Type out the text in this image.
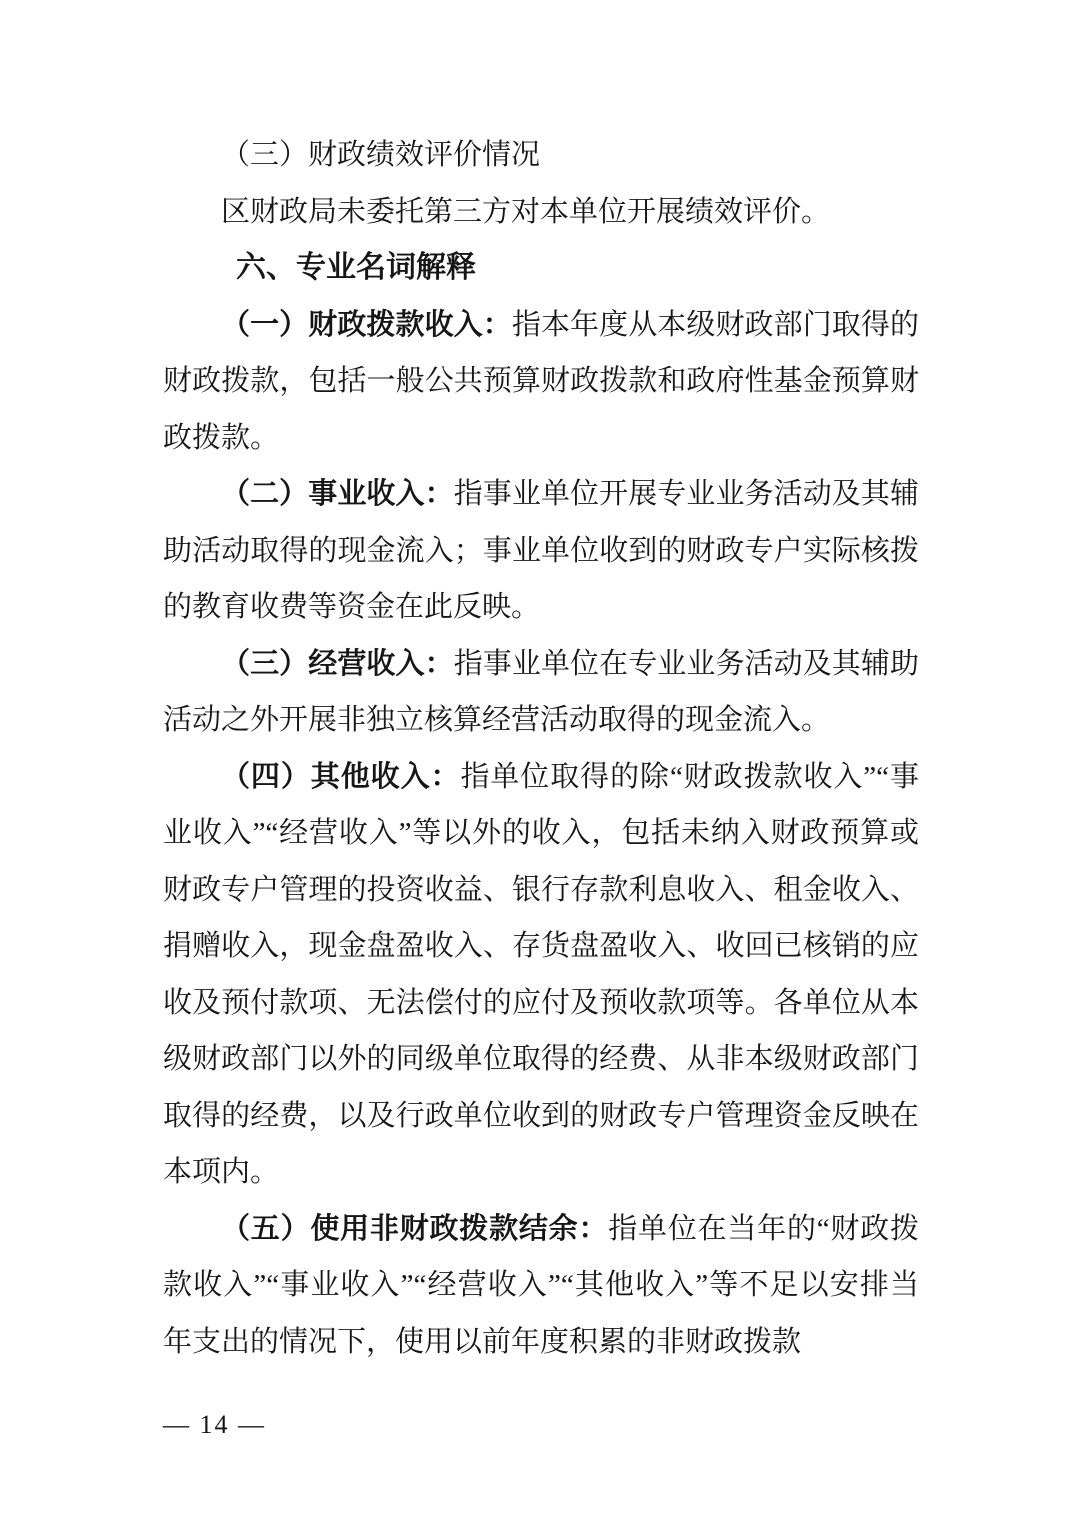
（三）财政绩效评价情况

区财政局未委托第三方对本单位开展绩效评价。

六、专业名词解释

（一）财政拨款收入：指本年度从本级财政部门取得的财政拨款，包括一般公共预算财政拨款和政府性基金预算财政拨款。

（二）事业收入：指事业单位开展专业业务活动及其辅助活动取得的现金流入；事业单位收到的财政专户实际核拨的教育收费等资金在此反映。

（三）经营收入：指事业单位在专业业务活动及其辅助活动之外开展非独立核算经营活动取得的现金流入。

（四）其他收入：指单位取得的除“财政拨款收入”“事业收入”“经营收入”等以外的收入，包括未纳入财政预算或财政专户管理的投资收益、银行存款利息收入、租金收入、捐赠收入，现金盘盈收入、存货盘盈收入、收回已核销的应收及预付款项、无法偿付的应付及预收款项等。各单位从本级财政部门以外的同级单位取得的经费、从非本级财政部门取得的经费，以及行政单位收到的财政专户管理资金反映在本项内。

（五）使用非财政拨款结余：指单位在当年的“财政拨款收入”“事业收入”“经营收入”“其他收入”等不足以安排当年支出的情况下，使用以前年度积累的非财政拨款

— 14 —
